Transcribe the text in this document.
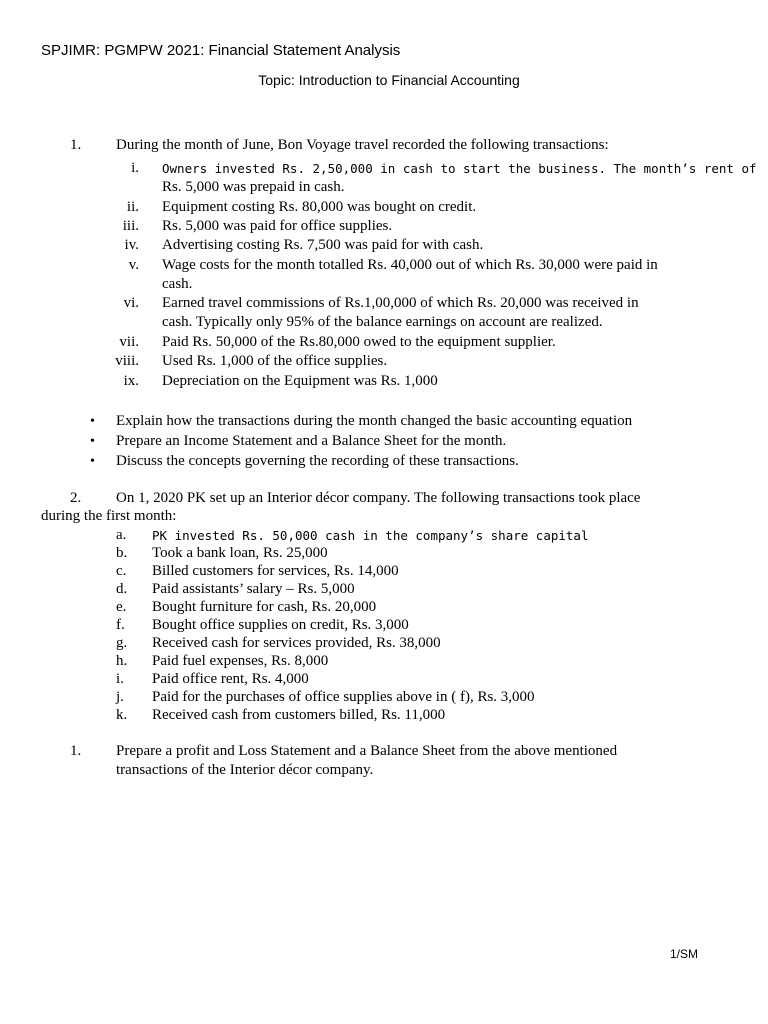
SPJIMR: PGMPW 2021: Financial Statement Analysis
Topic: Introduction to Financial Accounting
1. During the month of June, Bon Voyage travel recorded the following transactions:
i. Owners invested Rs. 2,50,000 in cash to start the business. The month’s rent of
Rs. 5,000 was prepaid in cash.
ii. Equipment costing Rs. 80,000 was bought on credit.
iii. Rs. 5,000 was paid for office supplies.
iv. Advertising costing Rs. 7,500 was paid for with cash.
v. Wage costs for the month totalled Rs. 40,000 out of which Rs. 30,000 were paid in
cash.
vi. Earned travel commissions of Rs.1,00,000 of which Rs. 20,000 was received in
cash. Typically only 95% of the balance earnings on account are realized.
vii. Paid Rs. 50,000 of the Rs.80,000 owed to the equipment supplier.
viii. Used Rs. 1,000 of the office supplies.
ix. Depreciation on the Equipment was Rs. 1,000
• Explain how the transactions during the month changed the basic accounting equation
• Prepare an Income Statement and a Balance Sheet for the month.
• Discuss the concepts governing the recording of these transactions.
2. On 1, 2020 PK set up an Interior décor company. The following transactions took place
during the first month:
a. PK invested Rs. 50,000 cash in the company’s share capital
b. Took a bank loan, Rs. 25,000
c. Billed customers for services, Rs. 14,000
d. Paid assistants’ salary – Rs. 5,000
e. Bought furniture for cash, Rs. 20,000
f. Bought office supplies on credit, Rs. 3,000
g. Received cash for services provided, Rs. 38,000
h. Paid fuel expenses, Rs. 8,000
i. Paid office rent, Rs. 4,000
j. Paid for the purchases of office supplies above in ( f), Rs. 3,000
k. Received cash from customers billed, Rs. 11,000
1. Prepare a profit and Loss Statement and a Balance Sheet from the above mentioned
transactions of the Interior décor company.
1/SM
